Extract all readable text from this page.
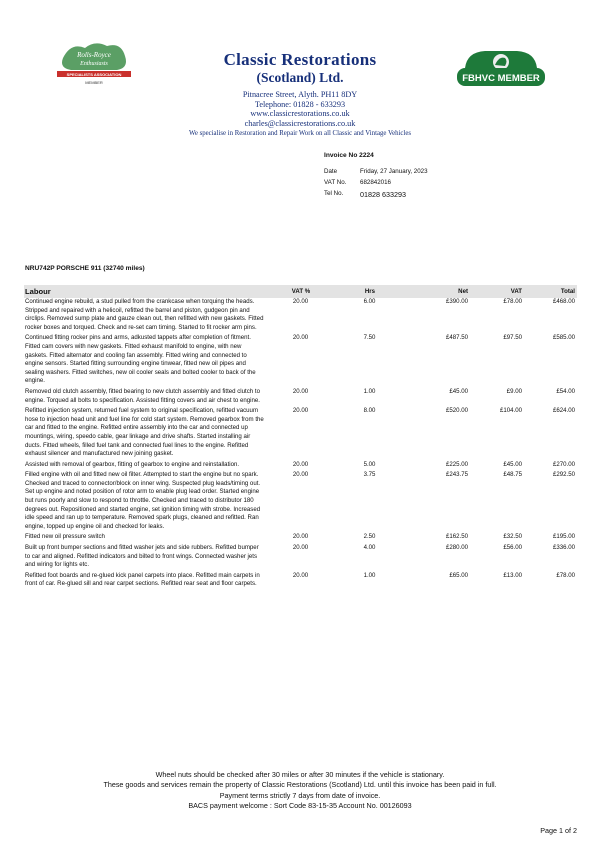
Rolls-Royce
Enthusiasts
SPECIALISTS ASSOCIATION
MEMBER
Classic Restorations
(Scotland) Ltd.	FBHVC MEMBER
Pitnacree Street, Alyth. PH11 8DY
Telephone: 01828 - 633293
www.classicrestorations.co.uk
charles@classicrestorations.co.uk
We specialise in Restoration and Repair Work on all Classic and Vintage Vehicles
Invoice No 2224
Date	Friday, 27 January, 2023
VAT No.	682842016
Tel No.	01828 633293
NRU742P PORSCHE 911 (32740 miles)
Labour	VAT %	Hrs	Net	VAT	Total
Continued engine rebuild, a stud pulled from the crankcase when torquing the heads. Stripped and repaired with a helicoil, refitted the barrel and piston, gudgeon pin and circlips. Removed sump plate and gauze clean out, then refitted with new gaskets. Fitted rocker boxes and torqued. Check and re-set cam timing. Started to fit rocker arm pins.	20.00	6.00	£390.00	£78.00	£468.00
Continued fitting rocker pins and arms, adkusted tappets after completion of fitment. Fitted cam covers with new gaskets. Fitted exhaust manifold to engine, with new gaskets. Fitted alternator and cooling fan assembly. Fitted wiring and connected to engine sensors. Started fitting surrounding engine tinwear, fitted new oil pipes and sealing washers. Fitted switches, new oil cooler seals and bolted cooler to back of the engine.	20.00	7.50	£487.50	£97.50	£585.00
Removed old clutch assembly, fitted bearing to new clutch assembly and fitted clutch to engine. Torqued all bolts to specification. Assisted fitting covers and air chest to engine.	20.00	1.00	£45.00	£9.00	£54.00
Refitted injection system, returned fuel system to original specification, refitted vacuum hose to injection head unit and fuel line for cold start system. Removed gearbox from the car and fitted to the engine. Refitted entire assembly into the car and connected up mountings, wiring, speedo cable, gear linkage and drive shafts. Started installing air ducts. Fitted wheels, filled fuel tank and connected fuel lines to the engine. Refitted exhaust silencer and manufactured new joining gasket.	20.00	8.00	£520.00	£104.00	£624.00
Assisted with removal of gearbox, fitting of gearbox to engine and reinstallation.	20.00	5.00	£225.00	£45.00	£270.00
Filled engine with oil and fitted new oil filter. Attempted to start the engine but no spark. Checked and traced to connector/block on inner wing. Suspected plug leads/timing out. Set up engine and noted position of rotor arm to enable plug lead order. Started engine but runs poorly and slow to respond to throttle. Checked and traced to distributor 180 degrees out. Repositioned and started engine, set ignition timing with strobe. Increased idle speed and ran up to temperature. Removed spark plugs, cleaned and refitted. Ran engine, topped up engine oil and checked for leaks.	20.00	3.75	£243.75	£48.75	£292.50
Fitted new oil pressure switch	20.00	2.50	£162.50	£32.50	£195.00
Built up front bumper sections and fitted washer jets and side rubbers. Refitted bumper to car and aligned. Refitted indicators and bilted to front wings. Connected washer jets and wiring for lights etc.	20.00	4.00	£280.00	£56.00	£336.00
Refitted foot boards and re-glued kick panel carpets into place. Refitted main carpets in front of car. Re-glued sill and rear carpet sections. Refitted rear seat and floor carpets.	20.00	1.00	£65.00	£13.00	£78.00
Wheel nuts should be checked after 30 miles or after 30 minutes if the vehicle is stationary.
These goods and services remain the property of Classic Restorations (Scotland) Ltd. until this invoice has been paid in full.
Payment terms strictly 7 days from date of invoice.
BACS payment welcome : Sort Code 83-15-35 Account No. 00126093
Page 1 of 2
